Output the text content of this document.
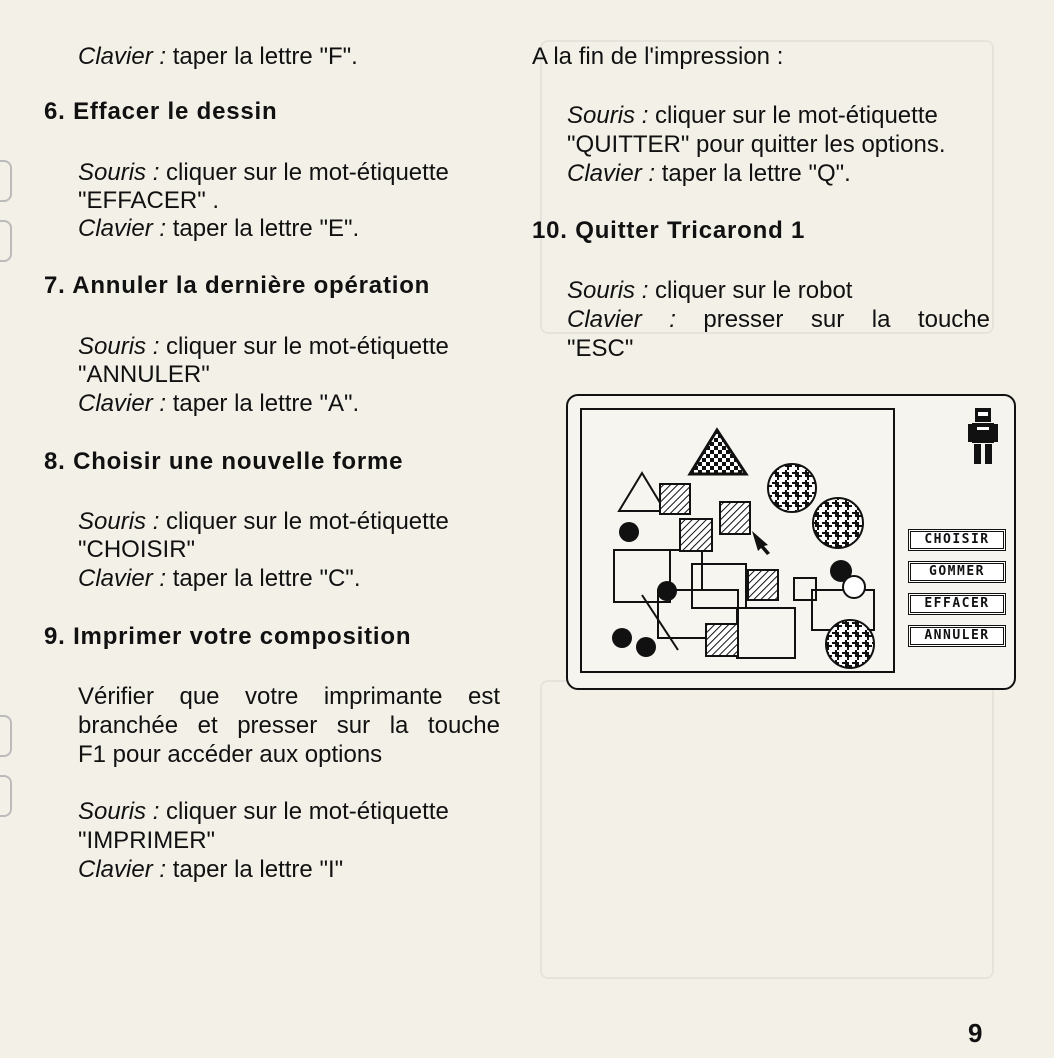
Clavier : taper la lettre "F".
6. Effacer le dessin
Souris : cliquer sur le mot-étiquette
"EFFACER" .
Clavier : taper la lettre "E".
7. Annuler la dernière opération
Souris : cliquer sur le mot-étiquette
"ANNULER"
Clavier : taper la lettre "A".
8. Choisir une nouvelle forme
Souris : cliquer sur le mot-étiquette
"CHOISIR"
Clavier : taper la lettre "C".
9. Imprimer votre composition
Vérifier que votre imprimante est
branchée et presser sur la touche
F1 pour accéder aux options
Souris : cliquer sur le mot-étiquette
"IMPRIMER"
Clavier : taper la lettre "I"
A la fin de l'impression :
Souris : cliquer sur le mot-étiquette
"QUITTER" pour quitter les options.
Clavier : taper la lettre "Q".
10. Quitter Tricarond 1
Souris : cliquer sur le robot
Clavier : presser sur la touche
"ESC"
CHOISIR
GOMMER
EFFACER
ANNULER
9
